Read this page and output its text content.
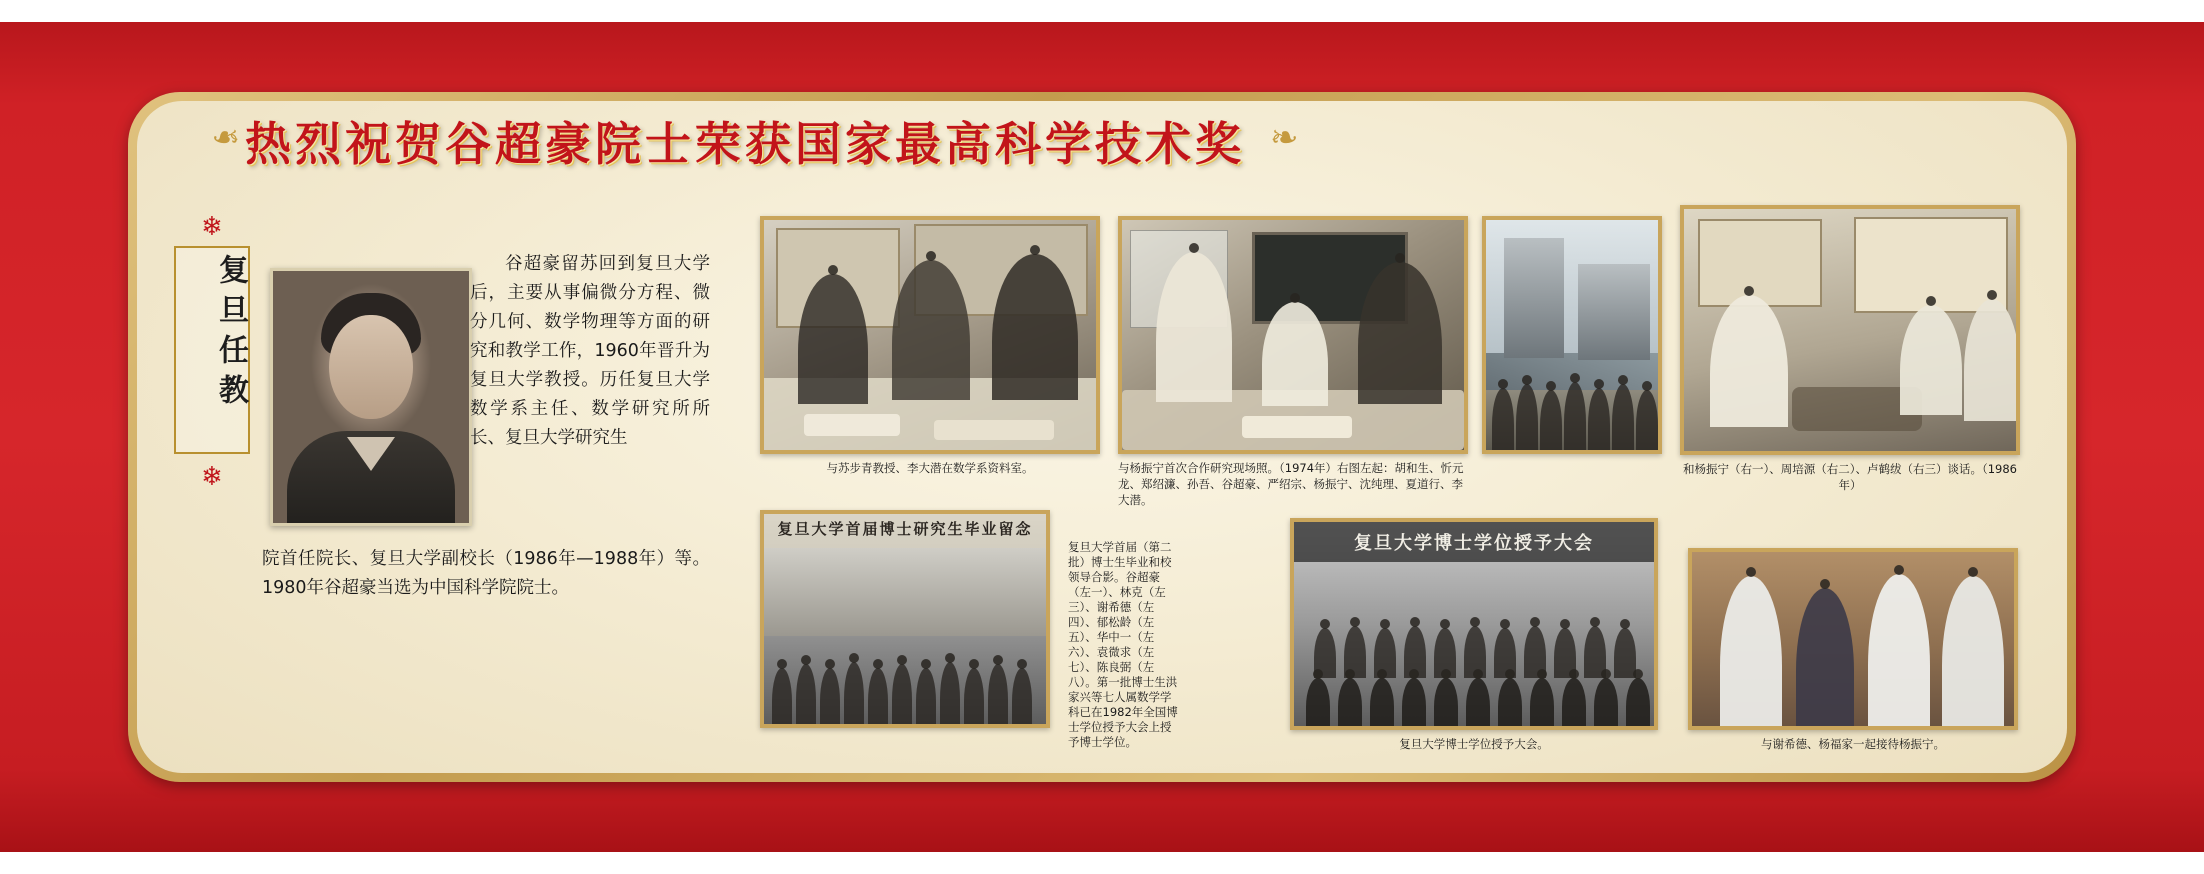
❧ 热烈祝贺谷超豪院士荣获国家最高科学技术奖 ❧
❄
复旦任教
❄
谷超豪留苏回到复旦大学后，主要从事偏微分方程、微分几何、数学物理等方面的研究和教学工作，1960年晋升为复旦大学教授。历任复旦大学数学系主任、数学研究所所长、复旦大学研究生
院首任院长、复旦大学副校长（1986年—1988年）等。1980年谷超豪当选为中国科学院院士。
与苏步青教授、李大潜在数学系资料室。	与杨振宁首次合作研究现场照。（1974年）右图左起：胡和生、忻元龙、郑绍濂、孙吾、谷超豪、严绍宗、杨振宁、沈纯理、夏道行、李大潜。
和杨振宁（右一）、周培源（右二）、卢鹤绂（右三）谈话。（1986年）
复旦大学首届博士研究生毕业留念
复旦大学首届（第二批）博士生毕业和校领导合影。谷超豪（左一）、林克（左三）、谢希德（左四）、郁松龄（左五）、华中一（左六）、袁微求（左七）、陈良弼（左八）。第一批博士生洪家兴等七人属数学学科已在1982年全国博士学位授予大会上授予博士学位。
复旦大学博士学位授予大会
复旦大学博士学位授予大会。	与谢希德、杨福家一起接待杨振宁。
